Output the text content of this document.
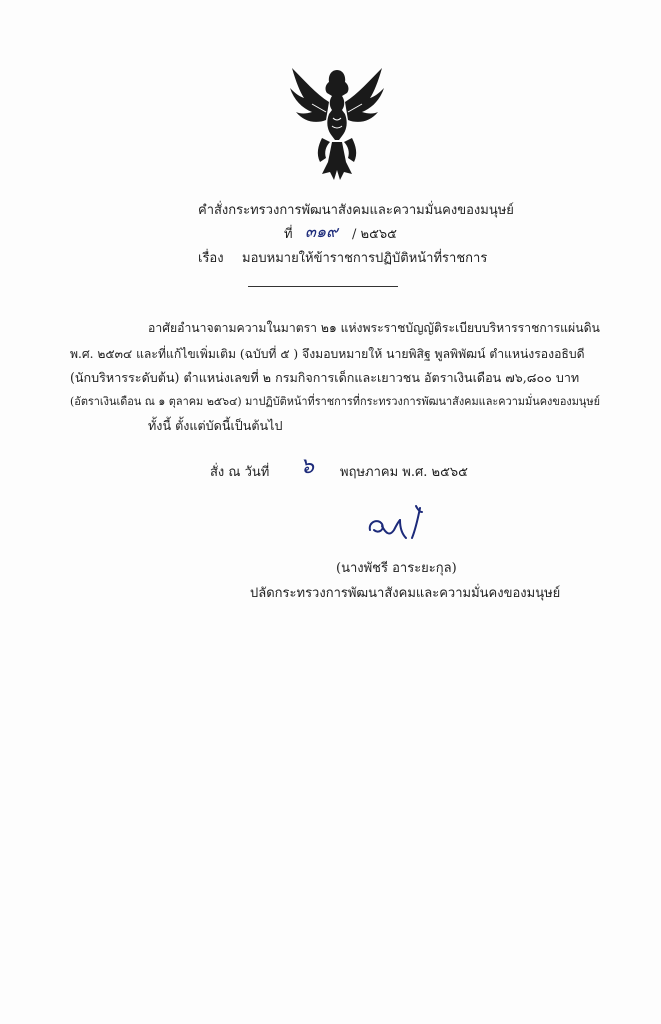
คำสั่งกระทรวงการพัฒนาสังคมและความมั่นคงของมนุษย์
ที่ ๓๑๙ / ๒๕๖๕
เรื่อง มอบหมายให้ข้าราชการปฏิบัติหน้าที่ราชการ
อาศัยอำนาจตามความในมาตรา ๒๑ แห่งพระราชบัญญัติระเบียบบริหารราชการแผ่นดิน
พ.ศ. ๒๕๓๔ และที่แก้ไขเพิ่มเติม (ฉบับที่ ๕ ) จึงมอบหมายให้ นายพิสิฐ พูลพิพัฒน์ ตำแหน่งรองอธิบดี
(นักบริหารระดับต้น) ตำแหน่งเลขที่ ๒ กรมกิจการเด็กและเยาวชน อัตราเงินเดือน ๗๖,๘๐๐ บาท
(อัตราเงินเดือน ณ ๑ ตุลาคม ๒๕๖๔) มาปฏิบัติหน้าที่ราชการที่กระทรวงการพัฒนาสังคมและความมั่นคงของมนุษย์
ทั้งนี้ ตั้งแต่บัดนี้เป็นต้นไป
สั่ง ณ วันที่ ๖ พฤษภาคม พ.ศ. ๒๕๖๕
(นางพัชรี อาระยะกุล)
ปลัดกระทรวงการพัฒนาสังคมและความมั่นคงของมนุษย์
